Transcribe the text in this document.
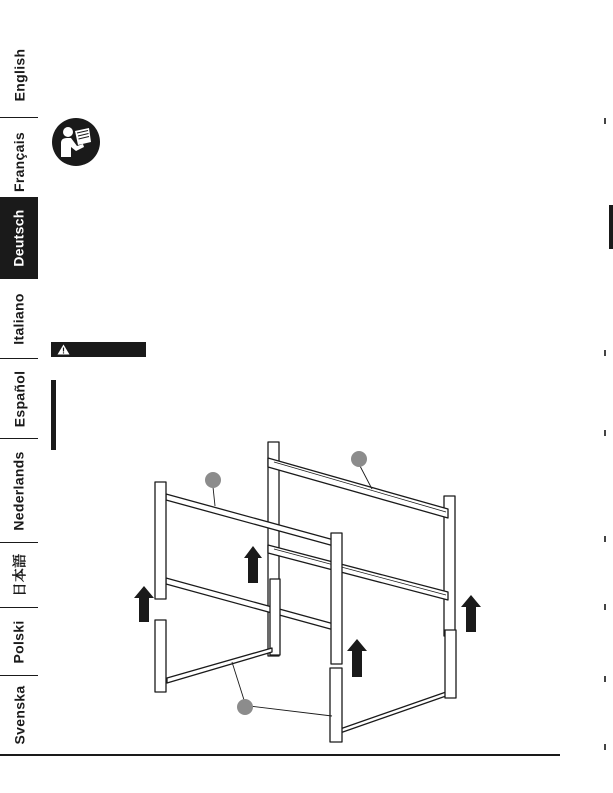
English
Français
Deutsch
Italiano
Español
Nederlands
日本語
Polski
Svenska
